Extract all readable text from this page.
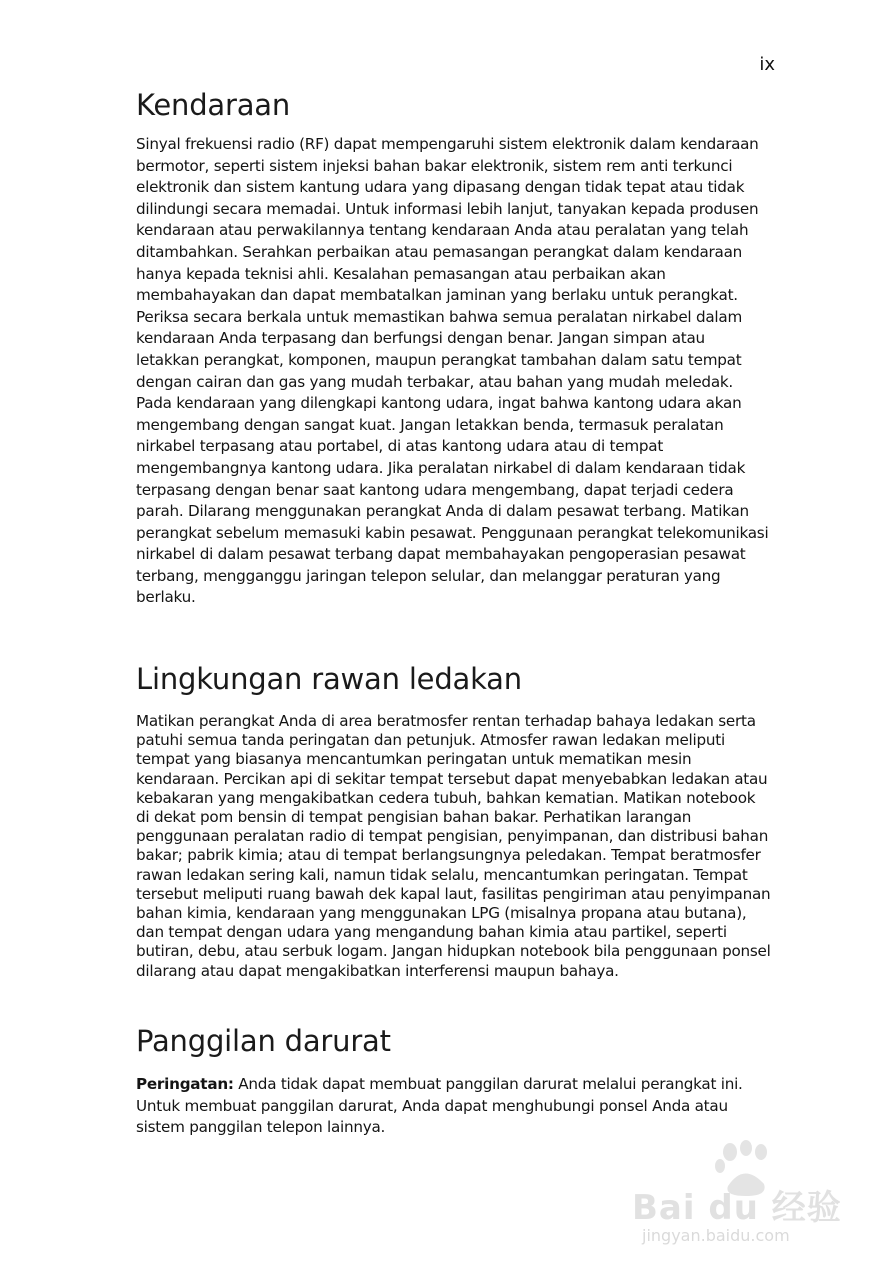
ix
Kendaraan

Sinyal frekuensi radio (RF) dapat mempengaruhi sistem elektronik dalam kendaraan bermotor, seperti sistem injeksi bahan bakar elektronik, sistem rem anti terkunci elektronik dan sistem kantung udara yang dipasang dengan tidak tepat atau tidak dilindungi secara memadai. Untuk informasi lebih lanjut, tanyakan kepada produsen kendaraan atau perwakilannya tentang kendaraan Anda atau peralatan yang telah ditambahkan. Serahkan perbaikan atau pemasangan perangkat dalam kendaraan hanya kepada teknisi ahli. Kesalahan pemasangan atau perbaikan akan membahayakan dan dapat membatalkan jaminan yang berlaku untuk perangkat. Periksa secara berkala untuk memastikan bahwa semua peralatan nirkabel dalam kendaraan Anda terpasang dan berfungsi dengan benar. Jangan simpan atau letakkan perangkat, komponen, maupun perangkat tambahan dalam satu tempat dengan cairan dan gas yang mudah terbakar, atau bahan yang mudah meledak. Pada kendaraan yang dilengkapi kantong udara, ingat bahwa kantong udara akan mengembang dengan sangat kuat. Jangan letakkan benda, termasuk peralatan nirkabel terpasang atau portabel, di atas kantong udara atau di tempat mengembangnya kantong udara. Jika peralatan nirkabel di dalam kendaraan tidak terpasang dengan benar saat kantong udara mengembang, dapat terjadi cedera parah. Dilarang menggunakan perangkat Anda di dalam pesawat terbang. Matikan perangkat sebelum memasuki kabin pesawat. Penggunaan perangkat telekomunikasi nirkabel di dalam pesawat terbang dapat membahayakan pengoperasian pesawat terbang, mengganggu jaringan telepon selular, dan melanggar peraturan yang berlaku.

Lingkungan rawan ledakan

Matikan perangkat Anda di area beratmosfer rentan terhadap bahaya ledakan serta patuhi semua tanda peringatan dan petunjuk. Atmosfer rawan ledakan meliputi tempat yang biasanya mencantumkan peringatan untuk mematikan mesin kendaraan. Percikan api di sekitar tempat tersebut dapat menyebabkan ledakan atau kebakaran yang mengakibatkan cedera tubuh, bahkan kematian. Matikan notebook di dekat pom bensin di tempat pengisian bahan bakar. Perhatikan larangan penggunaan peralatan radio di tempat pengisian, penyimpanan, dan distribusi bahan bakar; pabrik kimia; atau di tempat berlangsungnya peledakan. Tempat beratmosfer rawan ledakan sering kali, namun tidak selalu, mencantumkan peringatan. Tempat tersebut meliputi ruang bawah dek kapal laut, fasilitas pengiriman atau penyimpanan bahan kimia, kendaraan yang menggunakan LPG (misalnya propana atau butana), dan tempat dengan udara yang mengandung bahan kimia atau partikel, seperti butiran, debu, atau serbuk logam. Jangan hidupkan notebook bila penggunaan ponsel dilarang atau dapat mengakibatkan interferensi maupun bahaya.

Panggilan darurat

Peringatan: Anda tidak dapat membuat panggilan darurat melalui perangkat ini. Untuk membuat panggilan darurat, Anda dapat menghubungi ponsel Anda atau sistem panggilan telepon lainnya.

Bai du 经验
jingyan.baidu.com
